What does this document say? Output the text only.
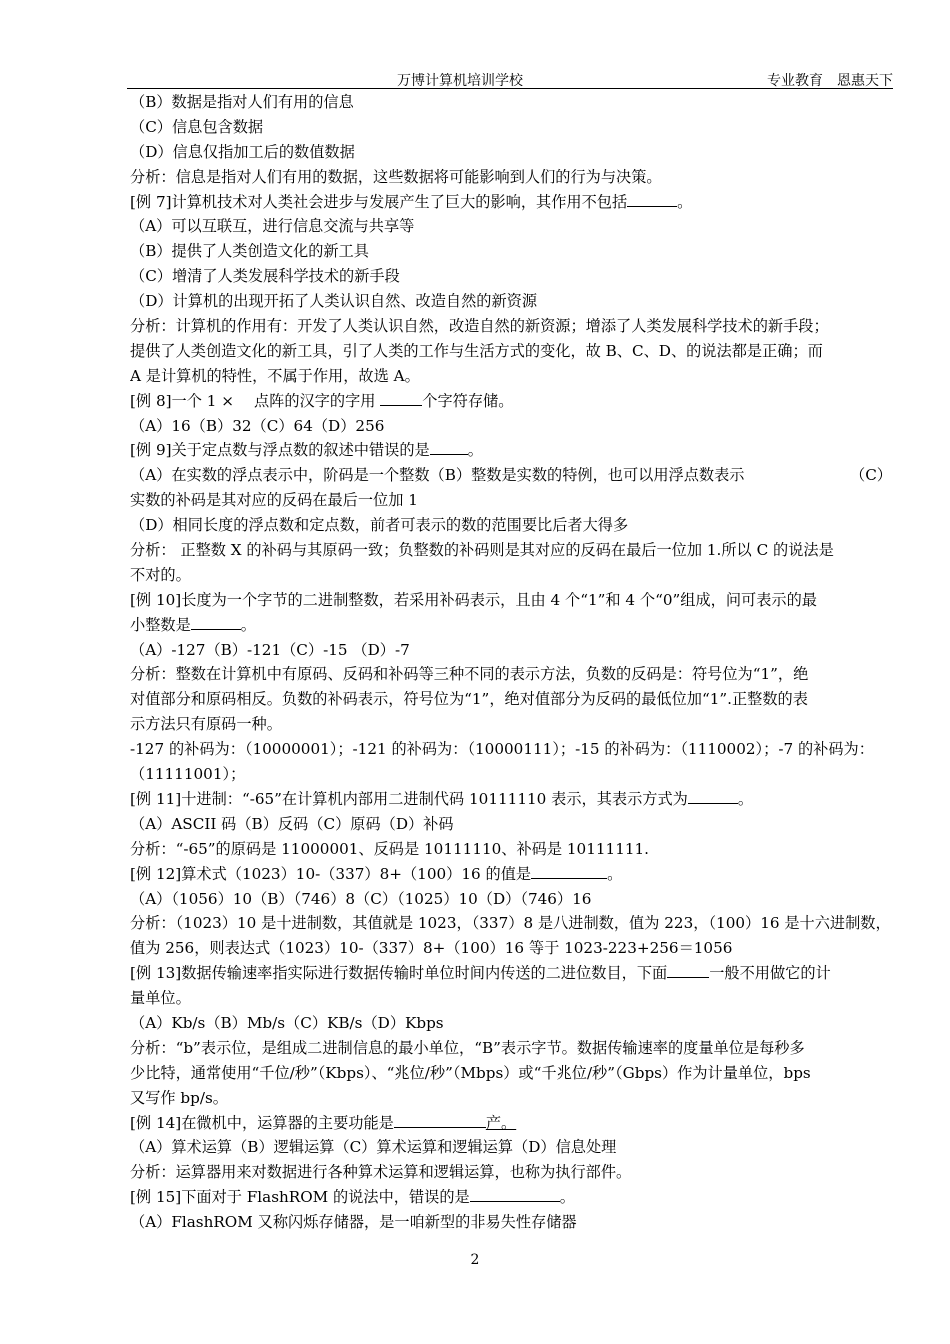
万博计算机培训学校	专业教育　恩惠天下
（B）数据是指对人们有用的信息
（C）信息包含数据
（D）信息仅指加工后的数值数据
分析：信息是指对人们有用的数据，这些数据将可能影响到人们的行为与决策。
[例 7]计算机技术对人类社会进步与发展产生了巨大的影响，其作用不包括	。
（A）可以互联互，进行信息交流与共享等
（B）提供了人类创造文化的新工具
（C）增清了人类发展科学技术的新手段
（D）计算机的出现开拓了人类认识自然、改造自然的新资源
分析：计算机的作用有：开发了人类认识自然，改造自然的新资源；增添了人类发展科学技术的新手段；
提供了人类创造文化的新工具，引了人类的工作与生活方式的变化，故 B、C、D、的说法都是正确；而
A 是计算机的特性，不属于作用，故选 A。
[例 8]一个 1 ×　 点阵的汉字的字用	个字符存储。
（A）16（B）32（C）64（D）256
[例 9]关于定点数与浮点数的叙述中错误的是	。
（A）在实数的浮点表示中，阶码是一个整数（B）整数是实数的特例，也可以用浮点数表示	（C）
实数的补码是其对应的反码在最后一位加 1
（D）相同长度的浮点数和定点数，前者可表示的数的范围要比后者大得多
分析： 正整数 X 的补码与其原码一致；负整数的补码则是其对应的反码在最后一位加 1.所以 C 的说法是
不对的。
[例 10]长度为一个字节的二进制整数，若采用补码表示，且由 4 个“1”和 4 个“0”组成，问可表示的最
小整数是	。
（A）-127（B）-121（C）-15 （D）-7
分析：整数在计算机中有原码、反码和补码等三种不同的表示方法，负数的反码是：符号位为“1”，绝
对值部分和原码相反。负数的补码表示，符号位为“1”，绝对值部分为反码的最低位加“1”.正整数的表
示方法只有原码一种。
-127 的补码为：（10000001）；-121 的补码为：（10000111）；-15 的补码为：（1110002）；-7 的补码为：
（11111001）；
[例 11]十进制：“-65”在计算机内部用二进制代码 10111110 表示，其表示方式为	。
（A）ASCII 码（B）反码（C）原码（D）补码
分析：“-65”的原码是 11000001、反码是 10111110、补码是 10111111.
[例 12]算术式（1023）10-（337）8+（100）16 的值是	。
（A）（1056）10（B）（746）8（C）（1025）10（D）（746）16
分析：（1023）10 是十进制数，其值就是 1023，（337）8 是八进制数，值为 223，（100）16 是十六进制数，
值为 256，则表达式（1023）10-（337）8+（100）16 等于 1023-223+256＝1056
[例 13]数据传输速率指实际进行数据传输时单位时间内传送的二进位数目，下面	一般不用做它的计
量单位。
（A）Kb/s（B）Mb/s（C）KB/s（D）Kbps
分析：“b”表示位，是组成二进制信息的最小单位，“B”表示字节。数据传输速率的度量单位是每秒多
少比特，通常使用“千位/秒”（Kbps）、“兆位/秒”（Mbps）或“千兆位/秒”（Gbps）作为计量单位，bps
又写作 bp/s。
[例 14]在微机中，运算器的主要功能是	产。
（A）算术运算（B）逻辑运算（C）算术运算和逻辑运算（D）信息处理
分析：运算器用来对数据进行各种算术运算和逻辑运算，也称为执行部件。
[例 15]下面对于 FlashROM 的说法中，错误的是	。
（A）FlashROM 又称闪烁存储器，是一咱新型的非易失性存储器
2
